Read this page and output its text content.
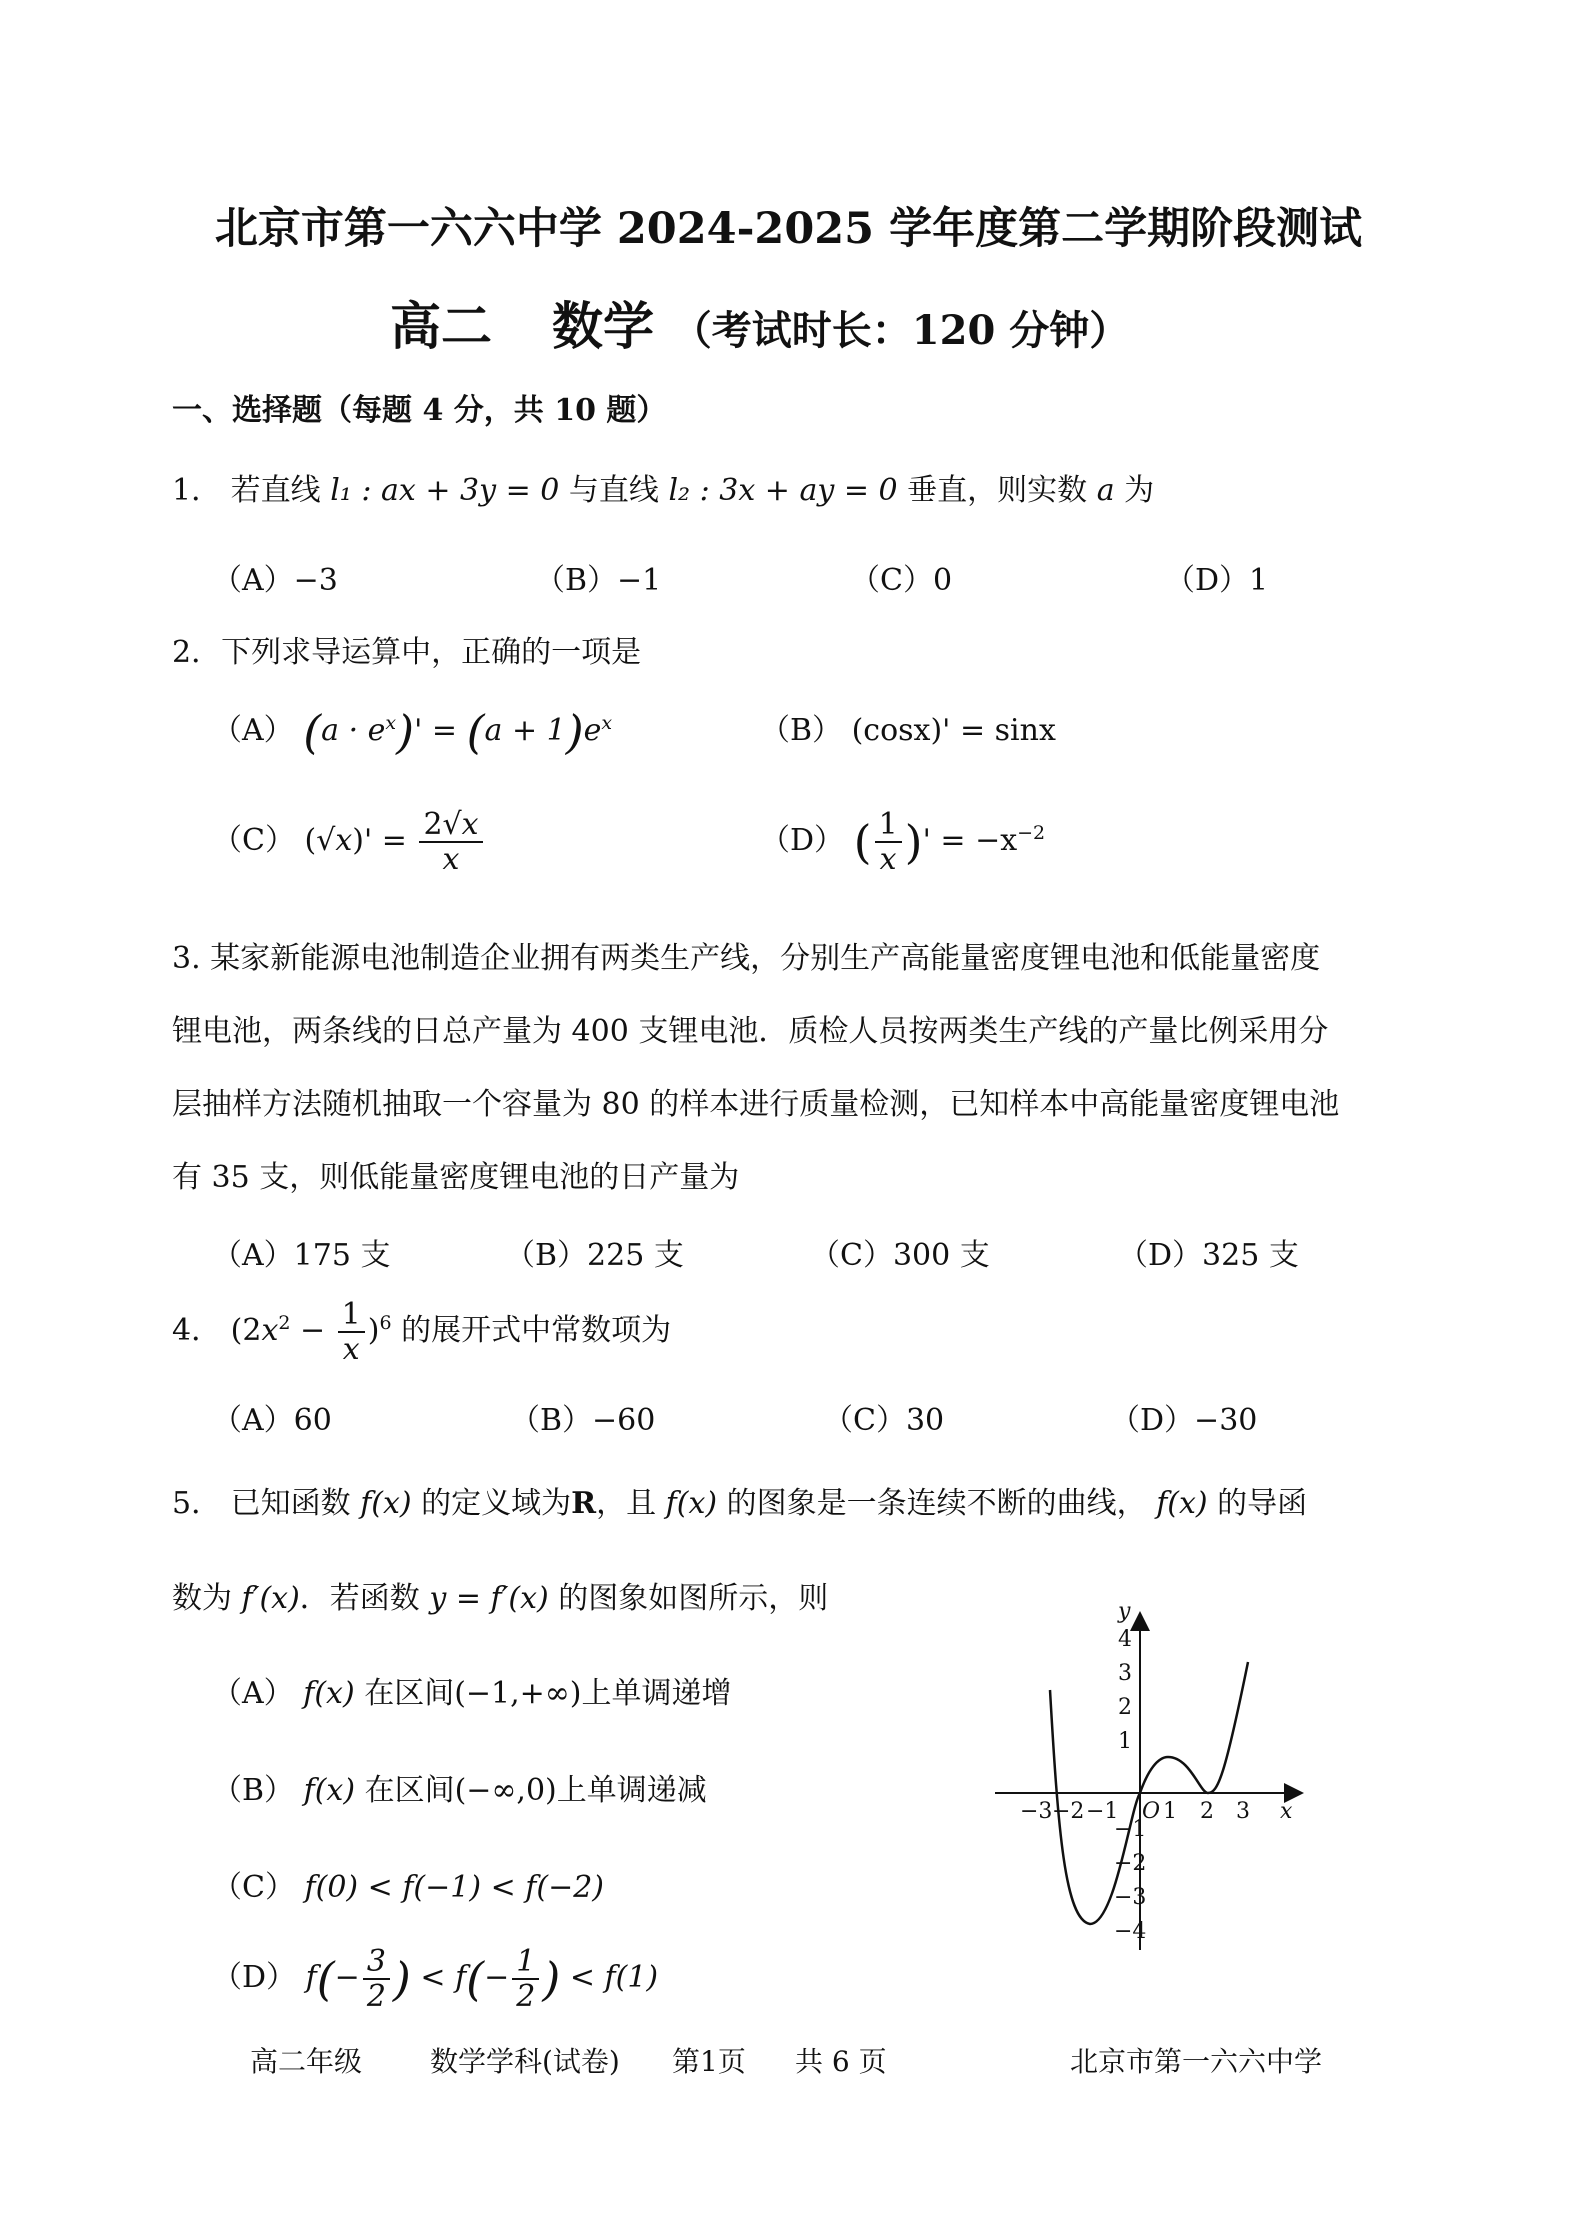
北京市第一六六中学 2024-2025 学年度第二学期阶段测试
高二 数学 （考试时长：120 分钟）
一、选择题（每题 4 分，共 10 题）
1． 若直线 l₁ : ax + 3y = 0 与直线 l₂ : 3x + ay = 0 垂直，则实数 a 为
（A）−3	（B）−1	（C）0	（D）1
2．下列求导运算中，正确的一项是
（A） $(a \cdot e^x)' = (a + 1)e^x$	（B） (cosx)' = sinx
（C） $(√x)' = \frac{2√x}{x}$	（D） ( $\frac{1}{x}$ )' = $-x^{-2}$
3. 某家新能源电池制造企业拥有两类生产线，分别生产高能量密度锂电池和低能量密度
锂电池，两条线的日总产量为 400 支锂电池．质检人员按两类生产线的产量比例采用分
层抽样方法随机抽取一个容量为 80 的样本进行质量检测，已知样本中高能量密度锂电池
有 35 支，则低能量密度锂电池的日产量为
（A）175 支	（B）225 支	（C）300 支	（D）325 支
4． $(2x^2 - \frac{1}{x} )^6$ 的展开式中常数项为
（A）60	（B）−60	（C）30	（D）−30
5． 已知函数 f(x) 的定义域为R，且 f(x) 的图象是一条连续不断的曲线， f(x) 的导函
数为 f′(x)．若函数 y = f′(x) 的图象如图所示，则
（A） f(x) 在区间(−1,+∞)上单调递增
（B） f(x) 在区间(−∞,0)上单调递减
（C） f(0) < f(−1) < f(−2)
（D） f(− 3
2 ) < f(− 1
2 ) < f(1)
−3 −2 −1 1 2 3 x
O
4
3
2
1
−1
−2
−3
−4
y
高二年级 数学学科(试卷) 第1页 共 6 页	北京市第一六六中学
